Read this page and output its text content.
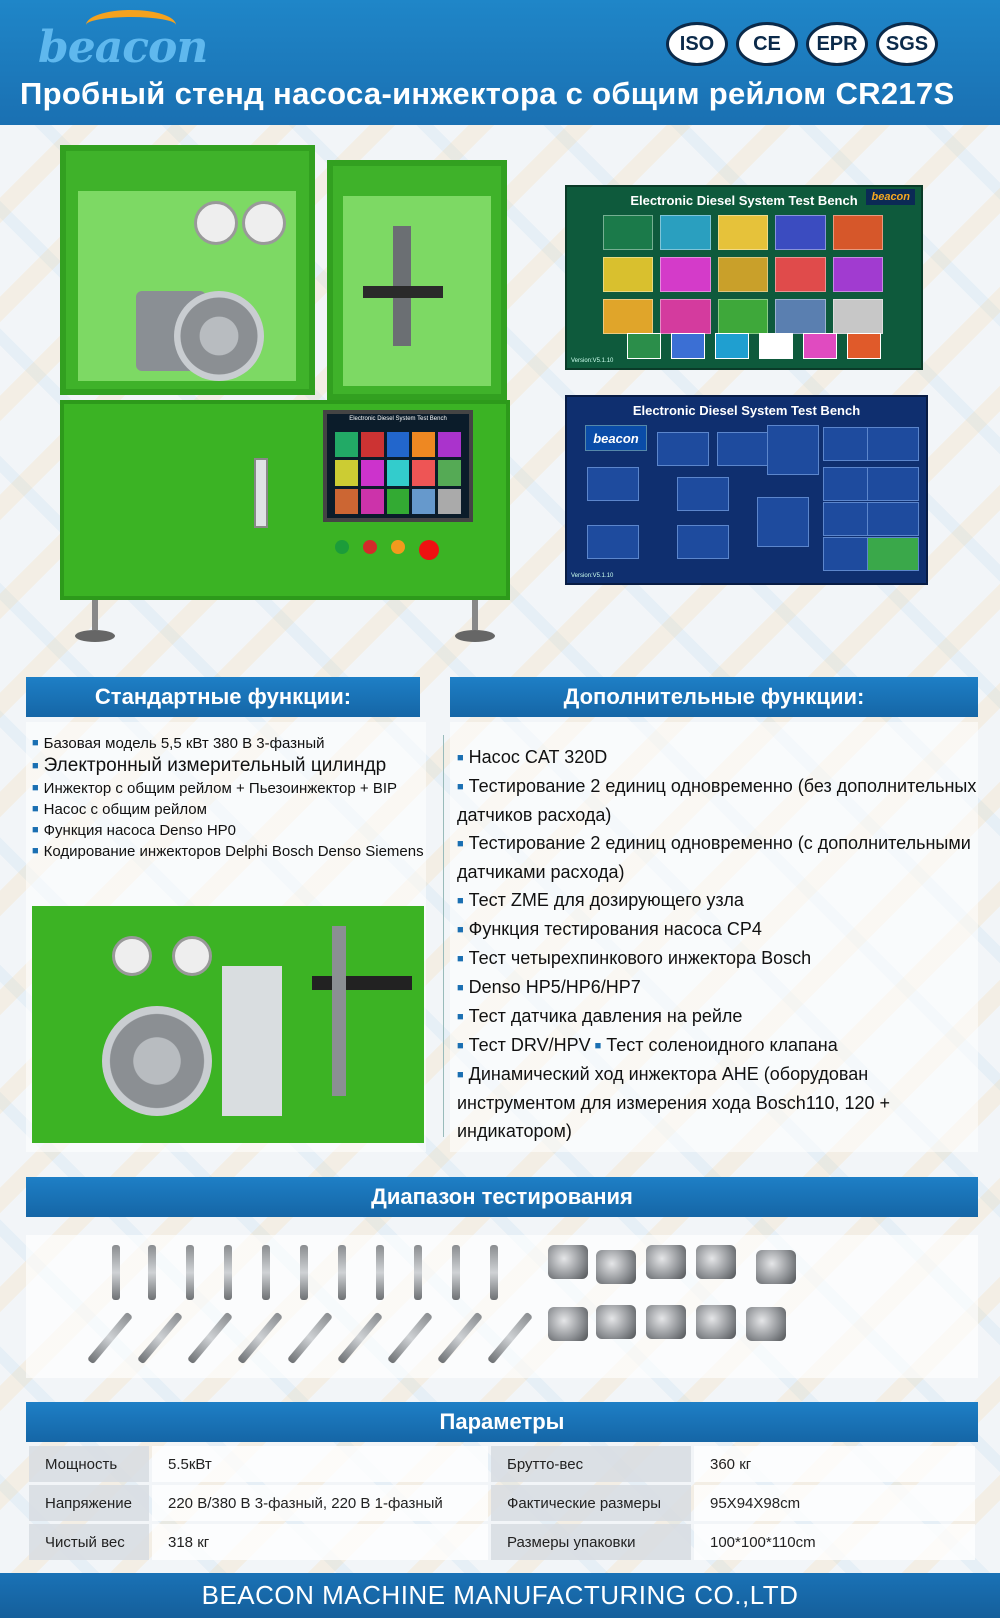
beacon	ISO	CE	EPR	SGS
Пробный стенд насоса-инжектора с общим рейлом CR217S
Electronic Diesel System Test Bench
Electronic Diesel System Test Bench	beacon
Version:V5.1.10
Electronic Diesel System Test Bench
beacon
Version:V5.1.10
Стандартные функции:
■ Базовая модель 5,5 кВт 380 В 3-фазный
■ Электронный измерительный цилиндр
■ Инжектор с общим рейлом + Пьезоинжектор + BIP
■ Насос с общим рейлом
■ Функция насоса Denso HP0
■ Кодирование инжекторов Delphi Bosch Denso Siemens
Дополнительные функции:
■ Насос CAT 320D
■ Тестирование 2 единиц одновременно (без дополнительных датчиков расхода)
■ Тестирование 2 единиц одновременно (с дополнительными датчиками расхода)
■ Тест ZME для дозирующего узла
■ Функция тестирования насоса CP4
■ Тест четырехпинкового инжектора Bosch
■ Denso HP5/HP6/HP7
■ Тест датчика давления на рейле
■ Тест DRV/HPV ■ Тест соленоидного клапана
■ Динамический ход инжектора AHE (оборудован инструментом для измерения хода Bosch110, 120 + индикатором)
Диапазон тестирования
Параметры
Мощность	5.5кВт	Брутто-вес	360 кг
Напряжение	220 В/380 В 3-фазный, 220 В 1-фазный	Фактические размеры	95X94X98cm
Чистый вес	318 кг	Размеры упаковки	100*100*110cm
BEACON MACHINE MANUFACTURING CO.,LTD
